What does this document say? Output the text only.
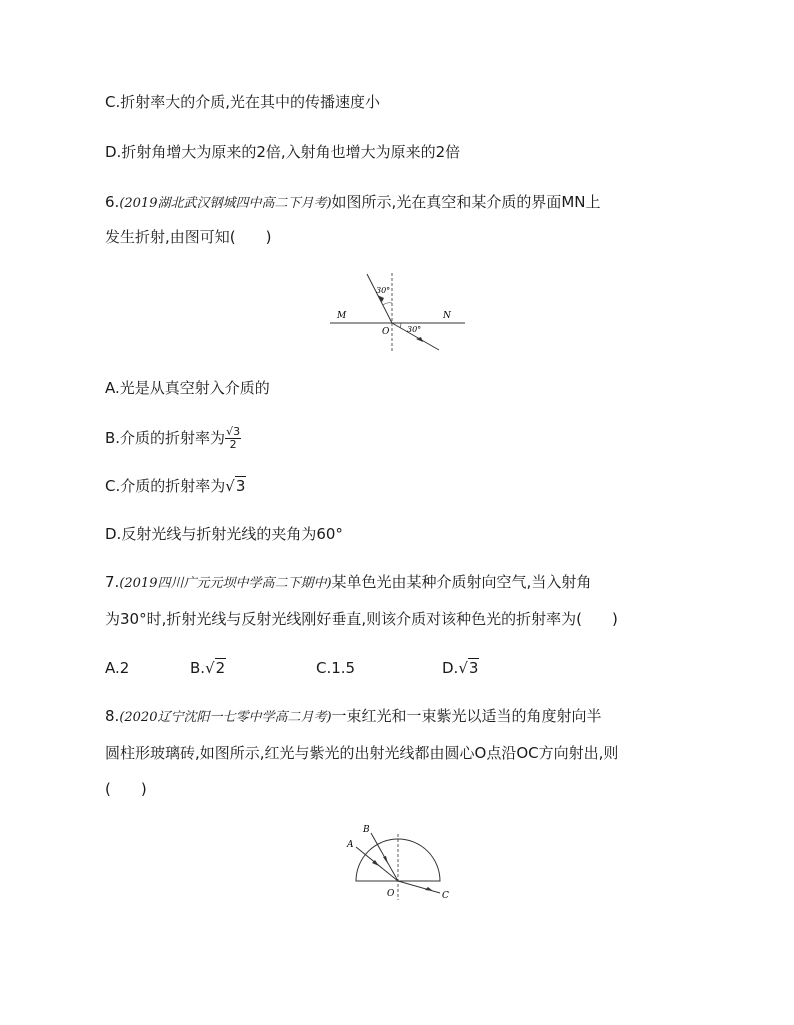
C.折射率大的介质,光在其中的传播速度小
D.折射角增大为原来的2倍,入射角也增大为原来的2倍
6.(2019湖北武汉钢城四中高二下月考)如图所示,光在真空和某介质的界面MN上
发生折射,由图可知(　　)
30°
30°
M	N
O
A.光是从真空射入介质的
B.介质的折射率为 $\frac{√3}{2}$
C.介质的折射率为√3
D.反射光线与折射光线的夹角为60°
7.(2019四川广元元坝中学高二下期中)某单色光由某种介质射向空气,当入射角
为30°时,折射光线与反射光线刚好垂直,则该介质对该种色光的折射率为(　　)
A.2	B.√2	C.1.5	D.√3
8.(2020辽宁沈阳一七零中学高二月考)一束红光和一束紫光以适当的角度射向半
圆柱形玻璃砖,如图所示,红光与紫光的出射光线都由圆心O点沿OC方向射出,则
(　　)
A
B
O	C
